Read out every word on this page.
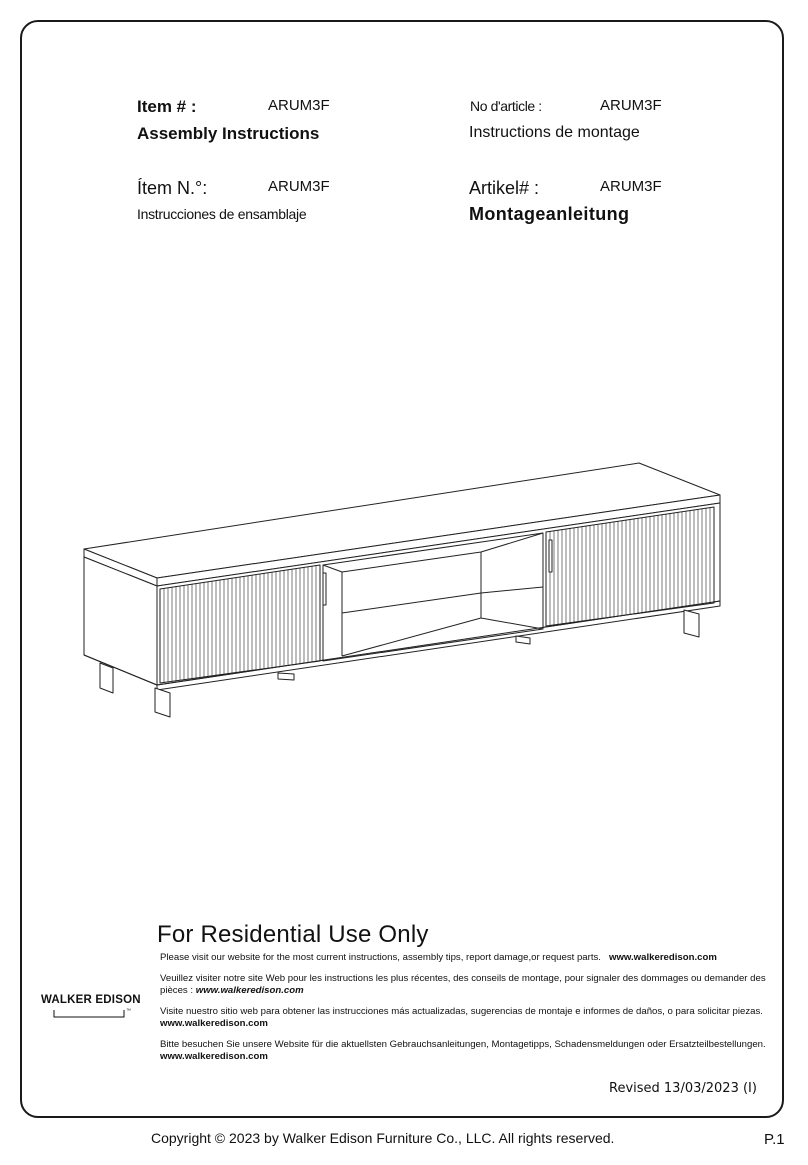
Item # :	ARUM3F
Assembly Instructions
No d'article :	ARUM3F
Instructions de montage
Ítem N.°:	ARUM3F
Instrucciones de ensamblaje
Artikel# :	ARUM3F
Montageanleitung
For Residential Use Only
Please visit our website for the most current instructions, assembly tips, report damage,or request parts. www.walkeredison.com
Veuillez visiter notre site Web pour les instructions les plus récentes, des conseils de montage, pour signaler des dommages ou demander des pièces : www.walkeredison.com
Visite nuestro sitio web para obtener las instrucciones más actualizadas, sugerencias de montaje e informes de daños, o para solicitar piezas. www.walkeredison.com
Bitte besuchen Sie unsere Website für die aktuellsten Gebrauchsanleitungen, Montagetipps, Schadensmeldungen oder Ersatzteilbestellungen. www.walkeredison.com
WALKER EDISON
™
Revised 13/03/2023 (I)
Copyright © 2023 by Walker Edison Furniture Co., LLC. All rights reserved.	P.1
